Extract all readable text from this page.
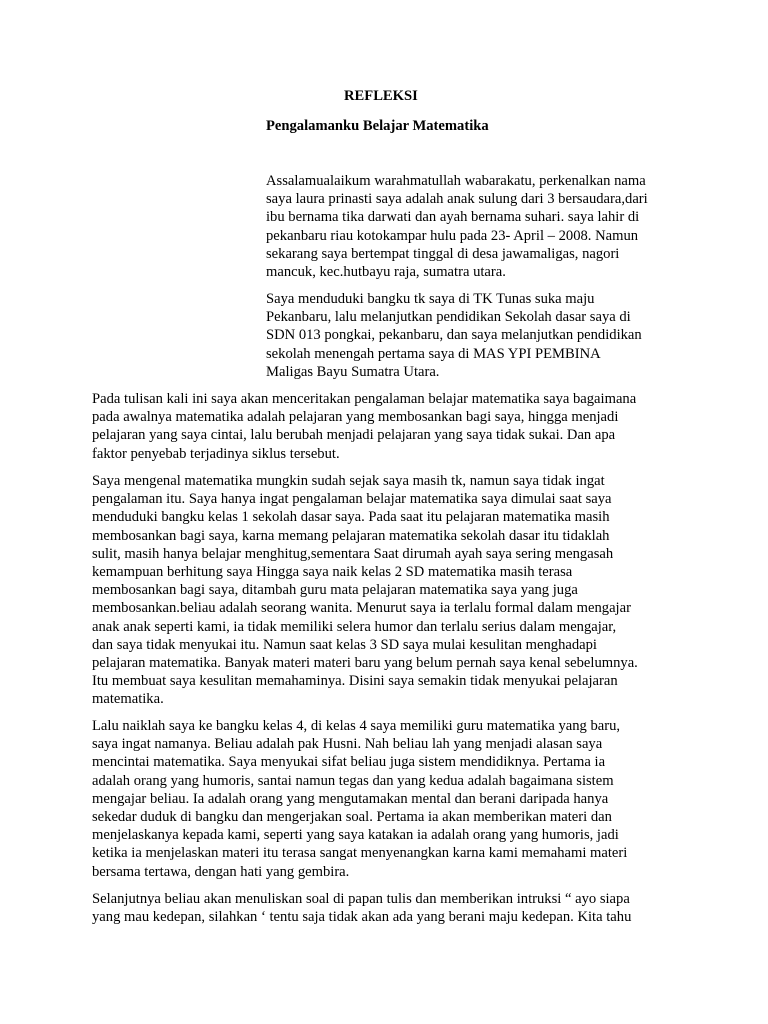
REFLEKSI
Pengalamanku Belajar Matematika

Assalamualaikum warahmatullah wabarakatu, perkenalkan nama
saya laura prinasti saya adalah anak sulung dari 3 bersaudara,dari
ibu bernama tika darwati dan ayah bernama suhari. saya lahir di
pekanbaru riau kotokampar hulu pada 23- April – 2008. Namun
sekarang saya bertempat tinggal di desa jawamaligas, nagori
mancuk, kec.hutbayu raja, sumatra utara.

Saya menduduki bangku tk saya di TK Tunas suka maju
Pekanbaru, lalu melanjutkan pendidikan Sekolah dasar saya di
SDN 013 pongkai, pekanbaru, dan saya melanjutkan pendidikan
sekolah menengah pertama saya di MAS YPI PEMBINA
Maligas Bayu Sumatra Utara.

Pada tulisan kali ini saya akan menceritakan pengalaman belajar matematika saya bagaimana
pada awalnya matematika adalah pelajaran yang membosankan bagi saya, hingga menjadi
pelajaran yang saya cintai, lalu berubah menjadi pelajaran yang saya tidak sukai. Dan apa
faktor penyebab terjadinya siklus tersebut.

Saya mengenal matematika mungkin sudah sejak saya masih tk, namun saya tidak ingat
pengalaman itu. Saya hanya ingat pengalaman belajar matematika saya dimulai saat saya
menduduki bangku kelas 1 sekolah dasar saya. Pada saat itu pelajaran matematika masih
membosankan bagi saya, karna memang pelajaran matematika sekolah dasar itu tidaklah
sulit, masih hanya belajar menghitug,sementara Saat dirumah ayah saya sering mengasah
kemampuan berhitung saya Hingga saya naik kelas 2 SD matematika masih terasa
membosankan bagi saya, ditambah guru mata pelajaran matematika saya yang juga
membosankan.beliau adalah seorang wanita. Menurut saya ia terlalu formal dalam mengajar
anak anak seperti kami, ia tidak memiliki selera humor dan terlalu serius dalam mengajar,
dan saya tidak menyukai itu. Namun saat kelas 3 SD saya mulai kesulitan menghadapi
pelajaran matematika. Banyak materi materi baru yang belum pernah saya kenal sebelumnya.
Itu membuat saya kesulitan memahaminya. Disini saya semakin tidak menyukai pelajaran
matematika.

Lalu naiklah saya ke bangku kelas 4, di kelas 4 saya memiliki guru matematika yang baru,
saya ingat namanya. Beliau adalah pak Husni. Nah beliau lah yang menjadi alasan saya
mencintai matematika. Saya menyukai sifat beliau juga sistem mendidiknya. Pertama ia
adalah orang yang humoris, santai namun tegas dan yang kedua adalah bagaimana sistem
mengajar beliau. Ia adalah orang yang mengutamakan mental dan berani daripada hanya
sekedar duduk di bangku dan mengerjakan soal. Pertama ia akan memberikan materi dan
menjelaskanya kepada kami, seperti yang saya katakan ia adalah orang yang humoris, jadi
ketika ia menjelaskan materi itu terasa sangat menyenangkan karna kami memahami materi
bersama tertawa, dengan hati yang gembira.

Selanjutnya beliau akan menuliskan soal di papan tulis dan memberikan intruksi “ ayo siapa
yang mau kedepan, silahkan ‘ tentu saja tidak akan ada yang berani maju kedepan. Kita tahu
